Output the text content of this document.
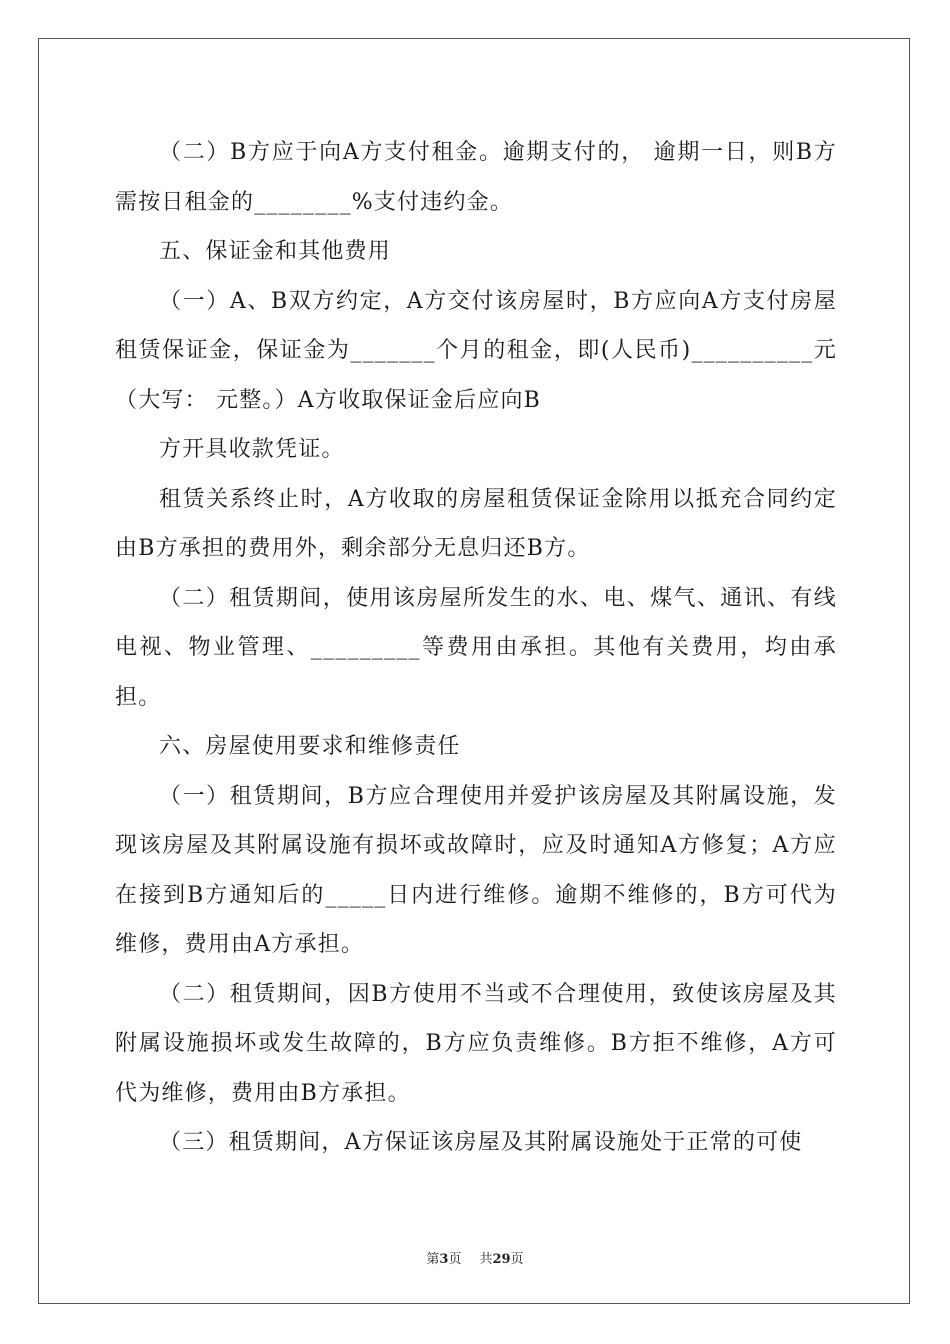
（二）B方应于向A方支付租金。逾期支付的， 逾期一日，则B方需按日租金的________%支付违约金。

五、保证金和其他费用

（一）A、B双方约定，A方交付该房屋时，B方应向A方支付房屋租赁保证金，保证金为_______个月的租金，即(人民币)__________元（大写： 元整。）A方收取保证金后应向B

方开具收款凭证。

租赁关系终止时，A方收取的房屋租赁保证金除用以抵充合同约定由B方承担的费用外，剩余部分无息归还B方。

（二）租赁期间，使用该房屋所发生的水、电、煤气、通讯、有线电视、物业管理、_________等费用由承担。其他有关费用，均由承担。

六、房屋使用要求和维修责任

（一）租赁期间，B方应合理使用并爱护该房屋及其附属设施，发现该房屋及其附属设施有损坏或故障时，应及时通知A方修复；A方应在接到B方通知后的_____日内进行维修。逾期不维修的，B方可代为维修，费用由A方承担。

（二）租赁期间，因B方使用不当或不合理使用，致使该房屋及其附属设施损坏或发生故障的，B方应负责维修。B方拒不维修，A方可代为维修，费用由B方承担。

（三）租赁期间，A方保证该房屋及其附属设施处于正常的可使

第3页 共29页
